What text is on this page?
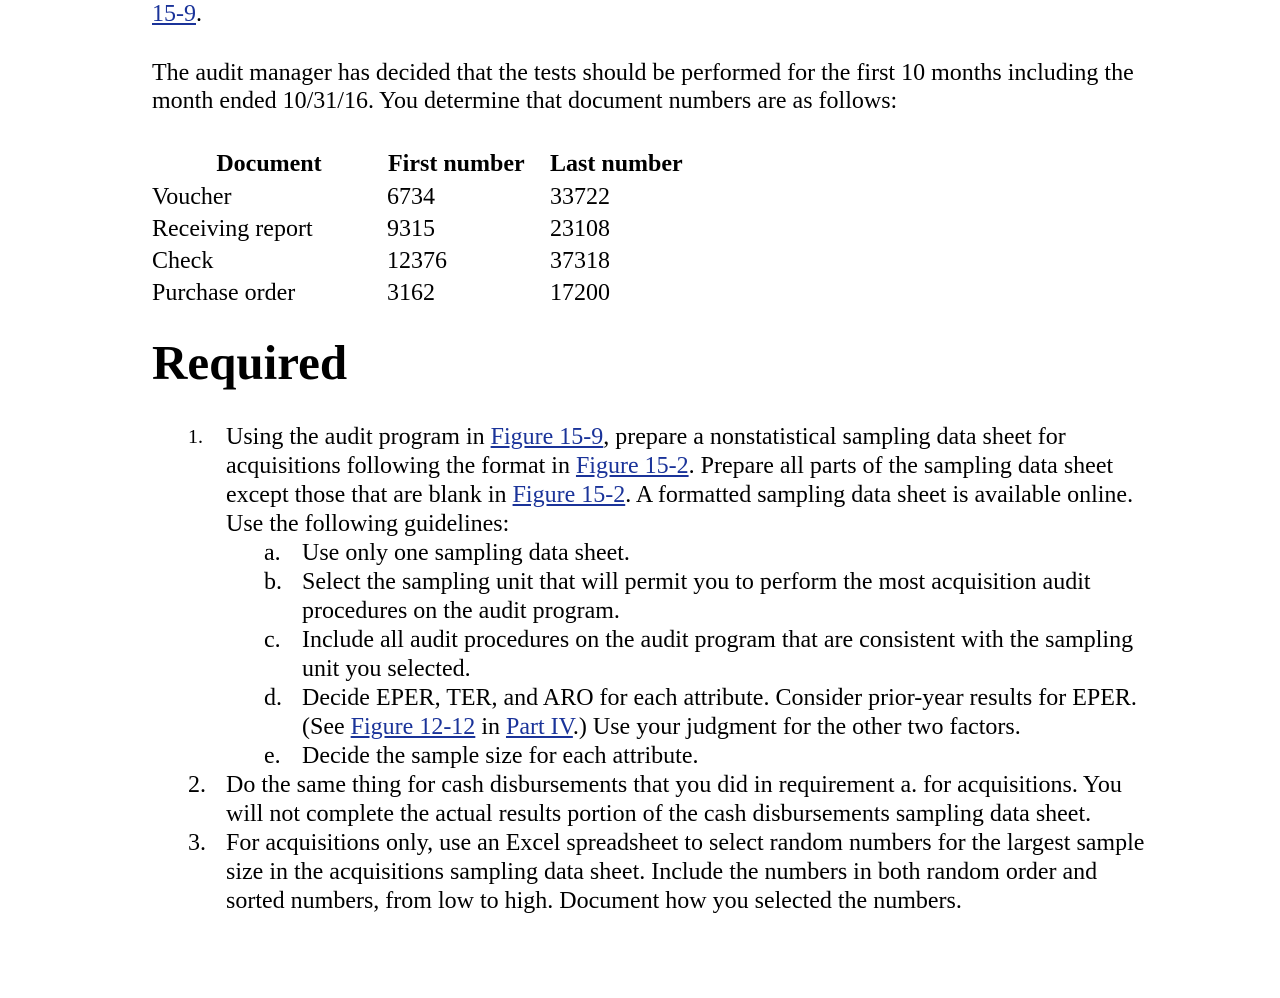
15-9.

The audit manager has decided that the tests should be performed for the first 10 months including the month ended 10/31/16. You determine that document numbers are as follows:

Document	First number	Last number
Voucher	6734	33722
Receiving report	9315	23108
Check	12376	37318
Purchase order	3162	17200
Required
1. Using the audit program in Figure 15-9, prepare a nonstatistical sampling data sheet for acquisitions following the format in Figure 15-2. Prepare all parts of the sampling data sheet except those that are blank in Figure 15-2. A formatted sampling data sheet is available online. Use the following guidelines:
a. Use only one sampling data sheet.
b. Select the sampling unit that will permit you to perform the most acquisition audit procedures on the audit program.
c. Include all audit procedures on the audit program that are consistent with the sampling unit you selected.
d. Decide EPER, TER, and ARO for each attribute. Consider prior-year results for EPER. (See Figure 12-12 in Part IV.) Use your judgment for the other two factors.
e. Decide the sample size for each attribute.
2. Do the same thing for cash disbursements that you did in requirement a. for acquisitions. You will not complete the actual results portion of the cash disbursements sampling data sheet.
3. For acquisitions only, use an Excel spreadsheet to select random numbers for the largest sample size in the acquisitions sampling data sheet. Include the numbers in both random order and sorted numbers, from low to high. Document how you selected the numbers.
